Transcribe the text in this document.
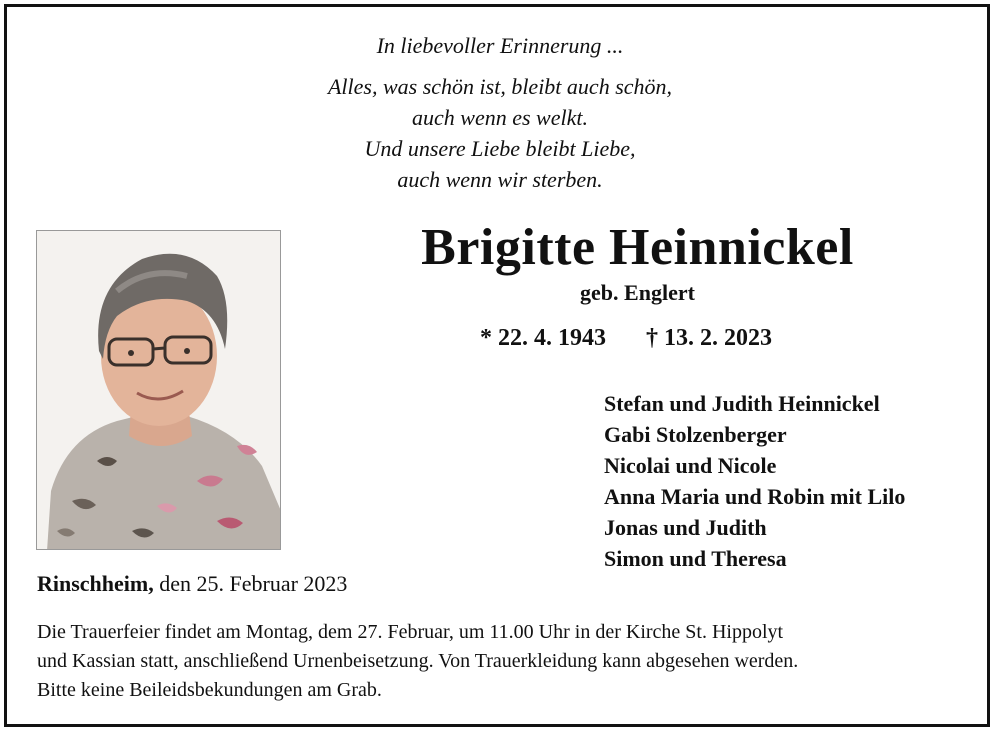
In liebevoller Erinnerung ...
Alles, was schön ist, bleibt auch schön,
auch wenn es welkt.
Und unsere Liebe bleibt Liebe,
auch wenn wir sterben.
Brigitte Heinnickel
geb. Englert
* 22. 4. 1943 † 13. 2. 2023
Stefan und Judith Heinnickel
Gabi Stolzenberger
Nicolai und Nicole
Anna Maria und Robin mit Lilo
Jonas und Judith
Simon und Theresa
Rinschheim, den 25. Februar 2023
Die Trauerfeier findet am Montag, dem 27. Februar, um 11.00 Uhr in der Kirche St. Hippolyt
und Kassian statt, anschließend Urnenbeisetzung. Von Trauerkleidung kann abgesehen werden.
Bitte keine Beileidsbekundungen am Grab.
